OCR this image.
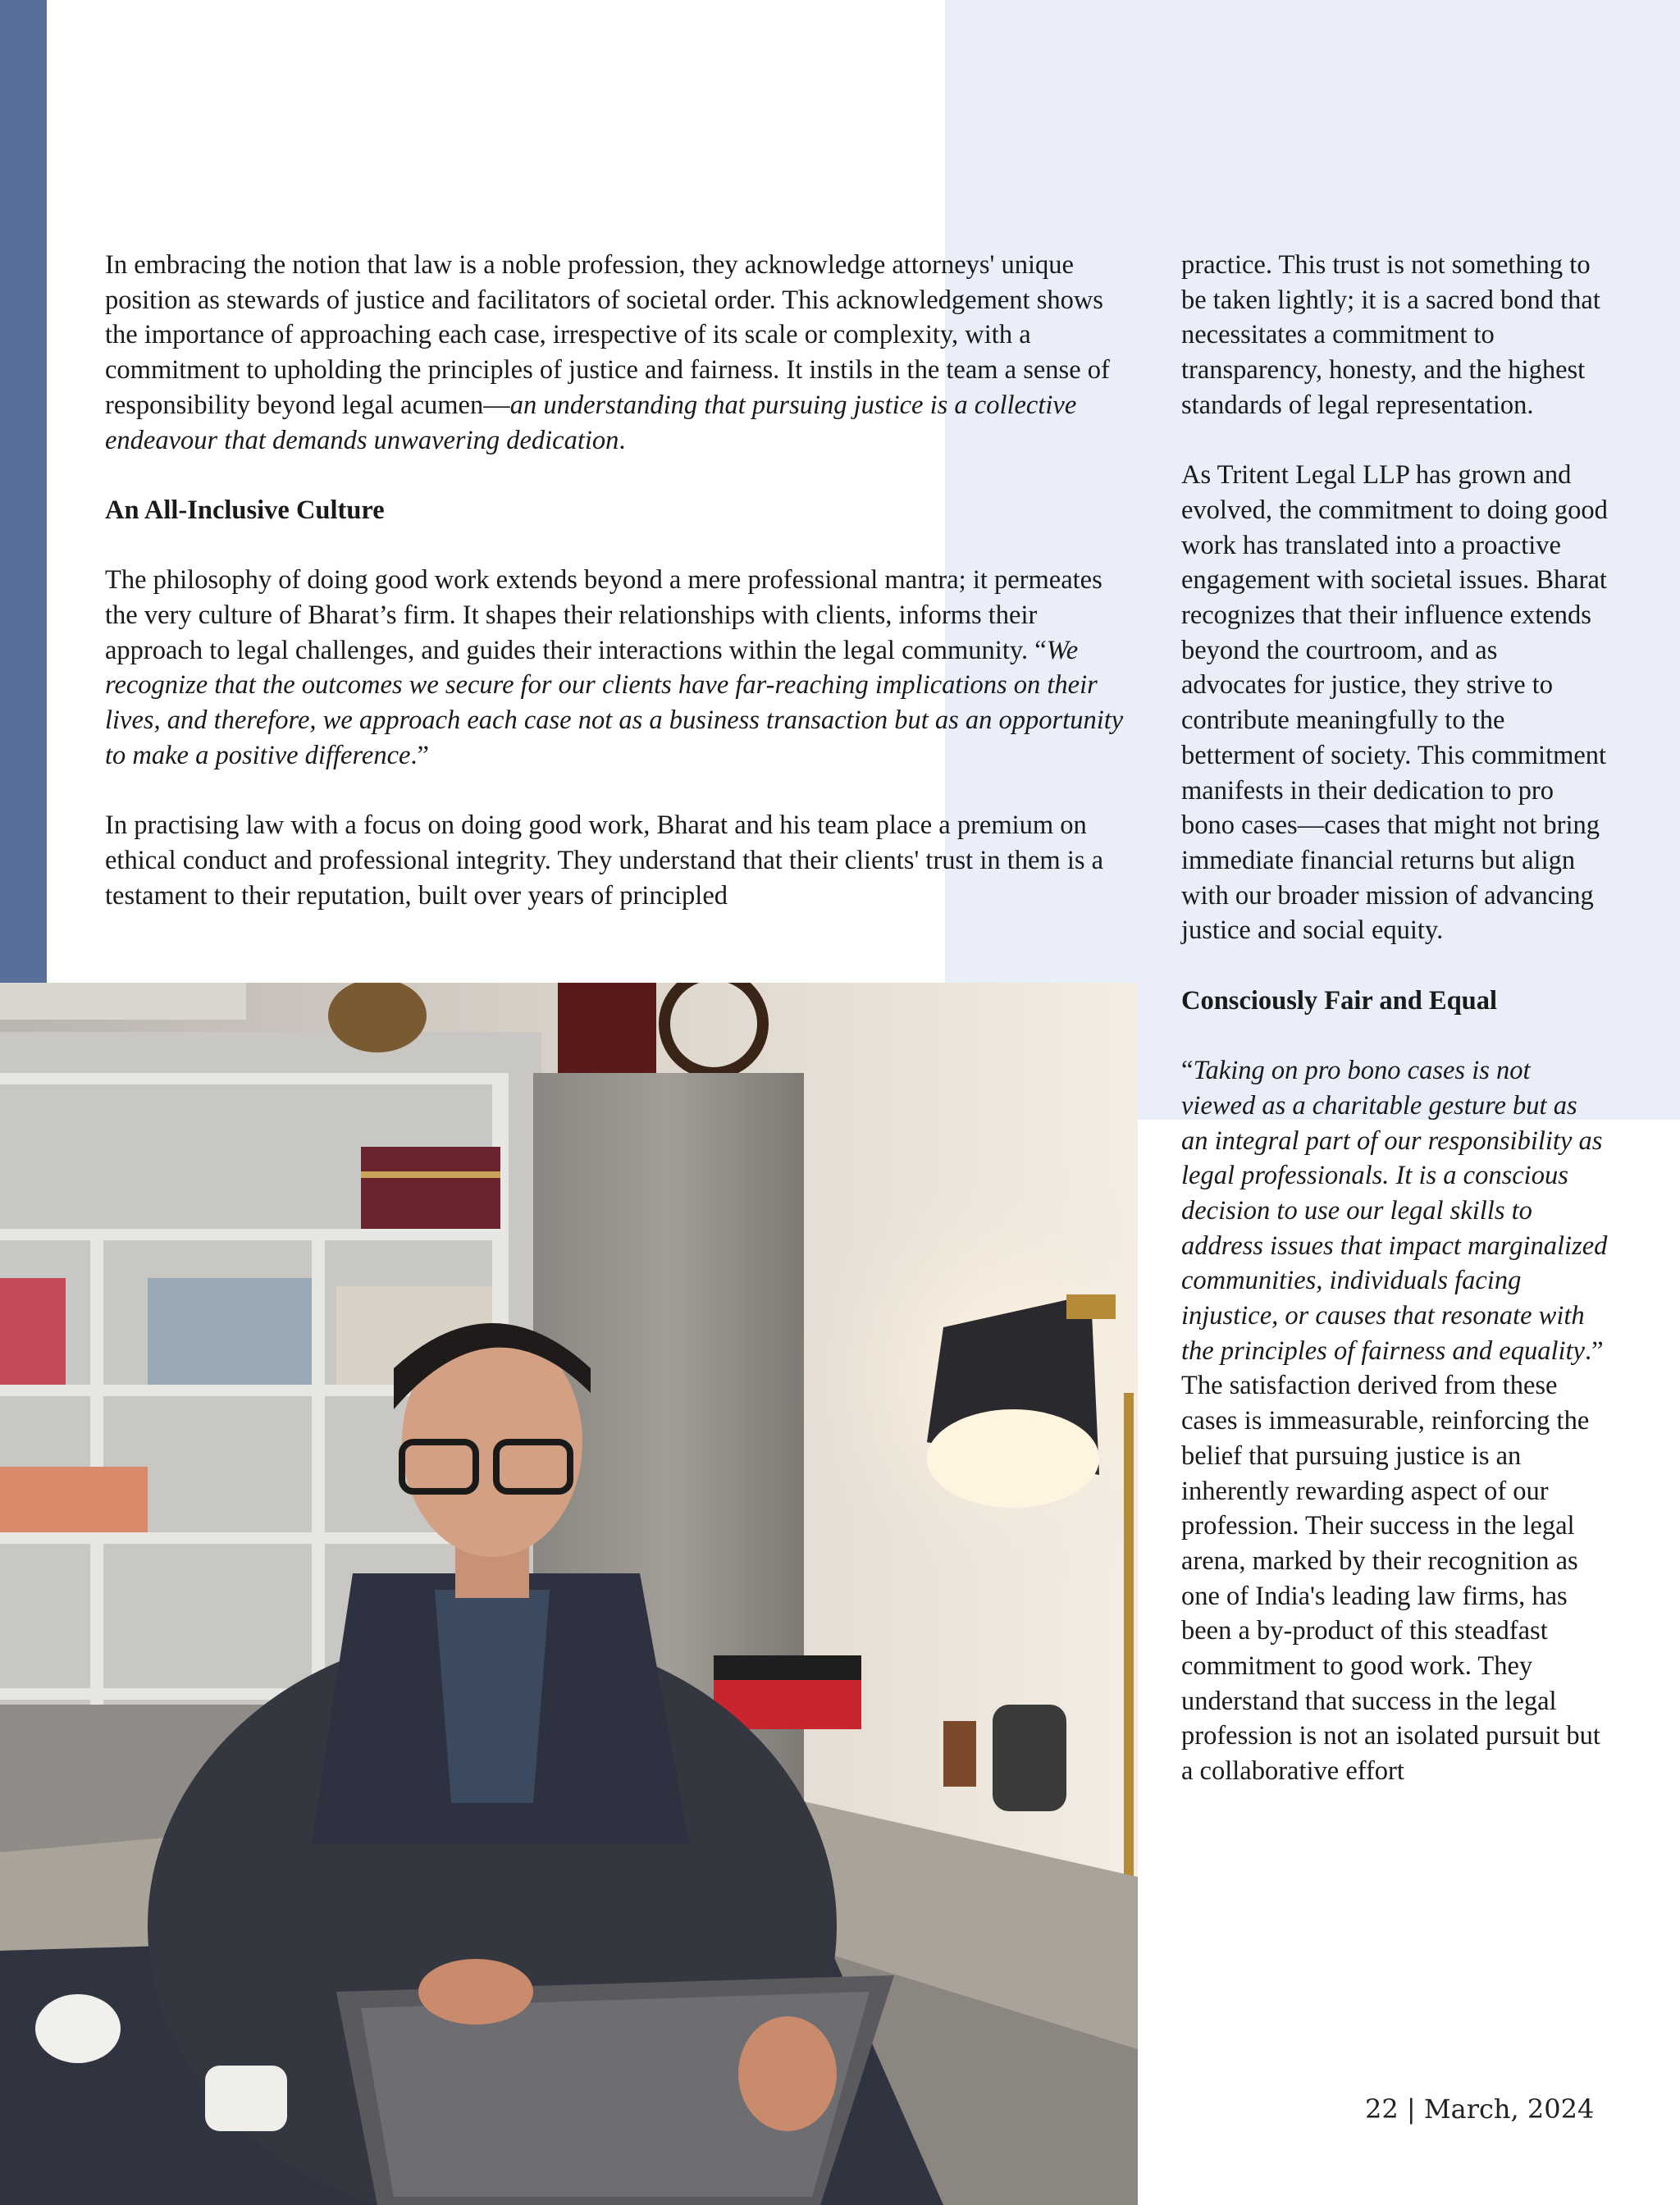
In embracing the notion that law is a noble profession, they acknowledge attorneys' unique position as stewards of justice and facilitators of societal order. This acknowledgement shows the importance of approaching each case, irrespective of its scale or complexity, with a commitment to upholding the principles of justice and fairness. It instils in the team a sense of responsibility beyond legal acumen—an understanding that pursuing justice is a collective endeavour that demands unwavering dedication.

An All-Inclusive Culture

The philosophy of doing good work extends beyond a mere professional mantra; it permeates the very culture of Bharat’s firm. It shapes their relationships with clients, informs their approach to legal challenges, and guides their interactions within the legal community. “We recognize that the outcomes we secure for our clients have far-reaching implications on their lives, and therefore, we approach each case not as a business transaction but as an opportunity to make a positive difference.”

In practising law with a focus on doing good work, Bharat and his team place a premium on ethical conduct and professional integrity. They understand that their clients' trust in them is a testament to their reputation, built over years of principled

practice. This trust is not something to be taken lightly; it is a sacred bond that necessitates a commitment to transparency, honesty, and the highest standards of legal representation.

As Tritent Legal LLP has grown and evolved, the commitment to doing good work has translated into a proactive engagement with societal issues. Bharat recognizes that their influence extends beyond the courtroom, and as advocates for justice, they strive to contribute meaningfully to the betterment of society. This commitment manifests in their dedication to pro bono cases—cases that might not bring immediate financial returns but align with our broader mission of advancing justice and social equity.

Consciously Fair and Equal

“Taking on pro bono cases is not viewed as a charitable gesture but as an integral part of our responsibility as legal professionals. It is a conscious decision to use our legal skills to address issues that impact marginalized communities, individuals facing injustice, or causes that resonate with the principles of fairness and equality.” The satisfaction derived from these cases is immeasurable, reinforcing the belief that pursuing justice is an inherently rewarding aspect of our profession. Their success in the legal arena, marked by their recognition as one of India's leading law firms, has been a by-product of this steadfast commitment to good work. They understand that success in the legal profession is not an isolated pursuit but a collaborative effort

22 | March, 2024
